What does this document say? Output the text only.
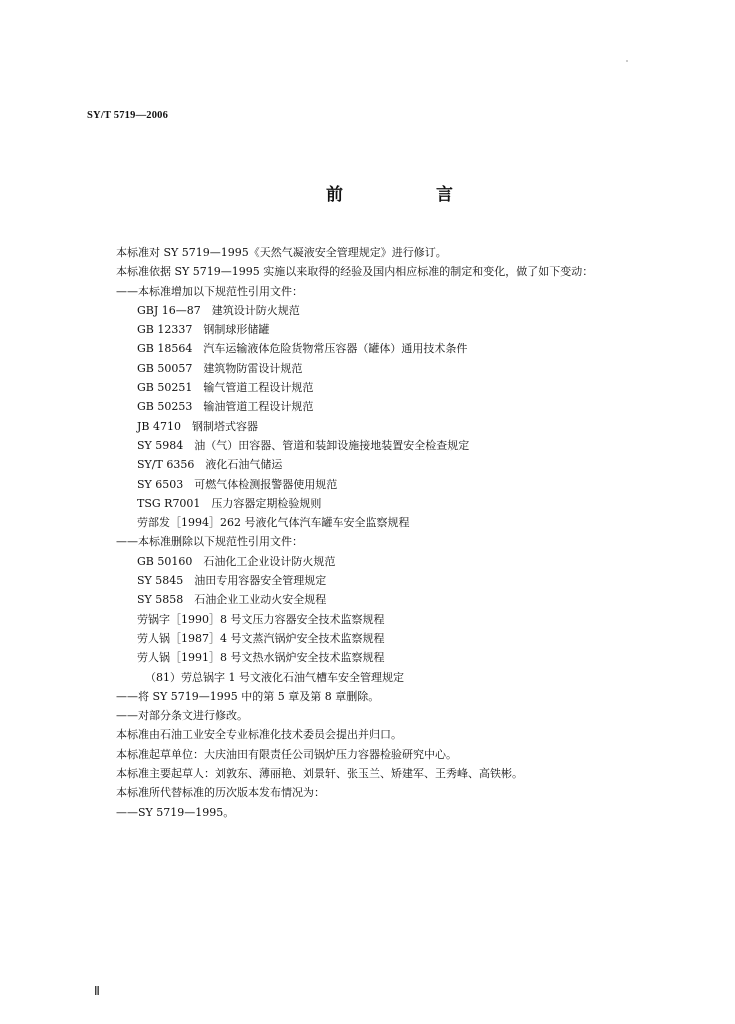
SY/T 5719—2006
前　言
本标准对 SY 5719—1995《天然气凝液安全管理规定》进行修订。
本标准依据 SY 5719—1995 实施以来取得的经验及国内相应标准的制定和变化，做了如下变动：
——本标准增加以下规范性引用文件：
GBJ 16—87　建筑设计防火规范
GB 12337　钢制球形储罐
GB 18564　汽车运输液体危险货物常压容器（罐体）通用技术条件
GB 50057　建筑物防雷设计规范
GB 50251　输气管道工程设计规范
GB 50253　输油管道工程设计规范
JB 4710　钢制塔式容器
SY 5984　油（气）田容器、管道和装卸设施接地装置安全检查规定
SY/T 6356　液化石油气储运
SY 6503　可燃气体检测报警器使用规范
TSG R7001　压力容器定期检验规则
劳部发［1994］262 号液化气体汽车罐车安全监察规程
——本标准删除以下规范性引用文件：
GB 50160　石油化工企业设计防火规范
SY 5845　油田专用容器安全管理规定
SY 5858　石油企业工业动火安全规程
劳锅字［1990］8 号文压力容器安全技术监察规程
劳人锅［1987］4 号文蒸汽锅炉安全技术监察规程
劳人锅［1991］8 号文热水锅炉安全技术监察规程
（81）劳总锅字 1 号文液化石油气槽车安全管理规定
——将 SY 5719—1995 中的第 5 章及第 8 章删除。
——对部分条文进行修改。
本标准由石油工业安全专业标准化技术委员会提出并归口。
本标准起草单位：大庆油田有限责任公司锅炉压力容器检验研究中心。
本标准主要起草人：刘敦东、薄丽艳、刘景轩、张玉兰、矫建军、王秀峰、高铁彬。
本标准所代替标准的历次版本发布情况为：
——SY 5719—1995。
Ⅱ
